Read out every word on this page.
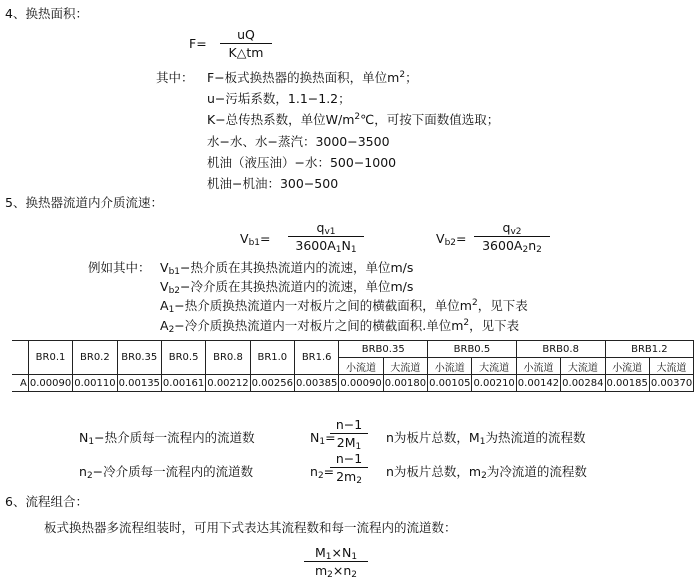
4、换热面积：
$F= \frac{uQ}{K\triangle tm}$
其中： F−板式换热器的换热面积，单位$m^2$；
u−污垢系数，1.1−1.2；
K−总传热系数，单位$W/m^2℃$，可按下面数值选取；
水−水、水−蒸汽：3000−3500
机油（液压油）−水：500−1000
机油−机油：300−500
5、换热器流道内介质流速：
$V_{b1}= \frac{q_{v1}}{3600A_1N_1}$	$V_{b2}= \frac{q_{v2}}{3600A_2n_2}$
例如其中： $V_{b1}-$热介质在其换热流道内的流速，单位m/s
$V_{b2}-$冷介质在其换热流道内的流速，单位m/s
$A_1-$热介质换热流道内一对板片之间的横截面积，单位$m^2$，见下表
$A_2-$冷介质换热流道内一对板片之间的横截面积.单位$m^2$，见下表
	BR0.1	BR0.2	BR0.35	BR0.5	BR0.8	BR1.0	BR1.6	BRB0.35		BRB0.5		BRB0.8		BRB1.2	
								小流道	大流道	小流道	大流道	小流道	大流道	小流道	大流道
A	0.00090	0.00110	0.00135	0.00161	0.00212	0.00256	0.00385	0.00090	0.00180	0.00105	0.00210	0.00142	0.00284	0.00185	0.00370
$N_1-$热介质每一流程内的流道数	$N_1=$
$\frac{n-1}{2M_1}$ n为板片总数，$M_1$为热流道的流程数
$n_2-$冷介质每一流程内的流道数	$n_2=$
$\frac{n-1}{2m_2}$ n为板片总数，$m_2$为冷流道的流程数
6、流程组合：
板式换热器多流程组装时，可用下式表达其流程数和每一流程内的流道数：
$\frac{M_1\times N_1}{m_2\times n_2}$
